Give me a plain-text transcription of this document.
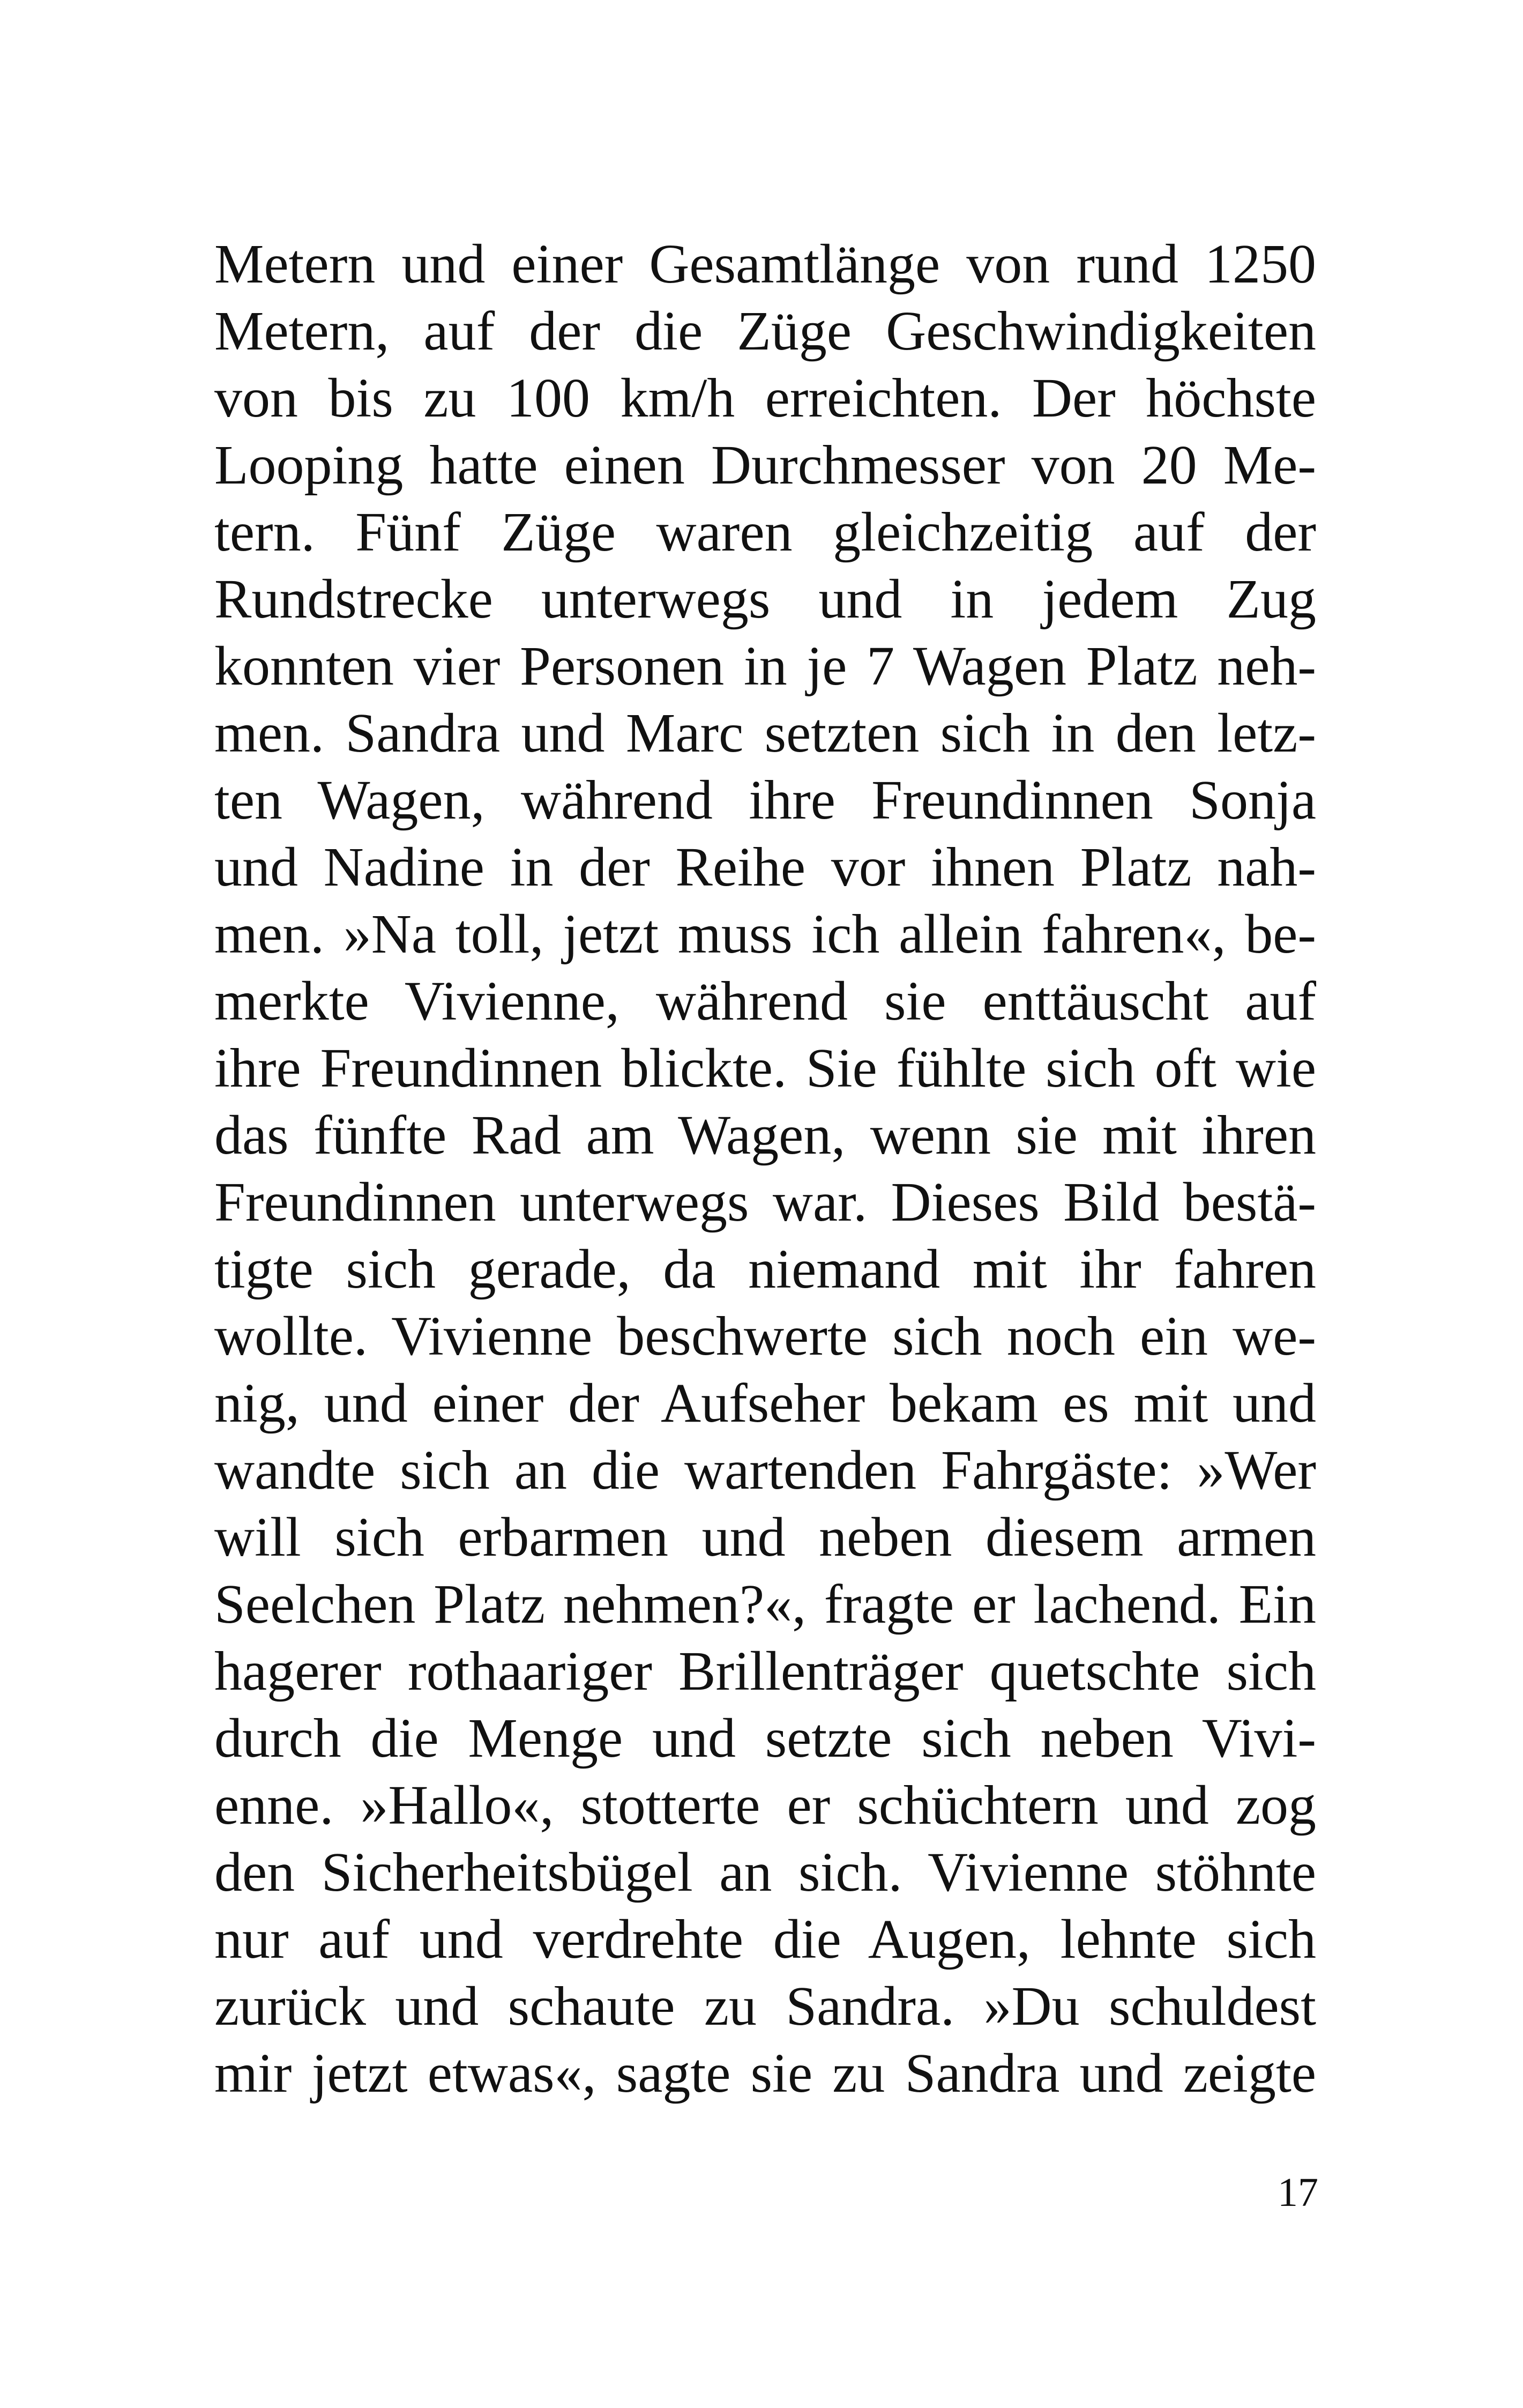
Metern und einer Gesamtlänge von rund 1250
Metern, auf der die Züge Geschwindigkeiten
von bis zu 100 km/h erreichten. Der höchste
Looping hatte einen Durchmesser von 20 Me-
tern. Fünf Züge waren gleichzeitig auf der
Rundstrecke unterwegs und in jedem Zug
konnten vier Personen in je 7 Wagen Platz neh-
men. Sandra und Marc setzten sich in den letz-
ten Wagen, während ihre Freundinnen Sonja
und Nadine in der Reihe vor ihnen Platz nah-
men. »Na toll, jetzt muss ich allein fahren«, be-
merkte Vivienne, während sie enttäuscht auf
ihre Freundinnen blickte. Sie fühlte sich oft wie
das fünfte Rad am Wagen, wenn sie mit ihren
Freundinnen unterwegs war. Dieses Bild bestä-
tigte sich gerade, da niemand mit ihr fahren
wollte. Vivienne beschwerte sich noch ein we-
nig, und einer der Aufseher bekam es mit und
wandte sich an die wartenden Fahrgäste: »Wer
will sich erbarmen und neben diesem armen
Seelchen Platz nehmen?«, fragte er lachend. Ein
hagerer rothaariger Brillenträger quetschte sich
durch die Menge und setzte sich neben Vivi-
enne. »Hallo«, stotterte er schüchtern und zog
den Sicherheitsbügel an sich. Vivienne stöhnte
nur auf und verdrehte die Augen, lehnte sich
zurück und schaute zu Sandra. »Du schuldest
mir jetzt etwas«, sagte sie zu Sandra und zeigte
17
